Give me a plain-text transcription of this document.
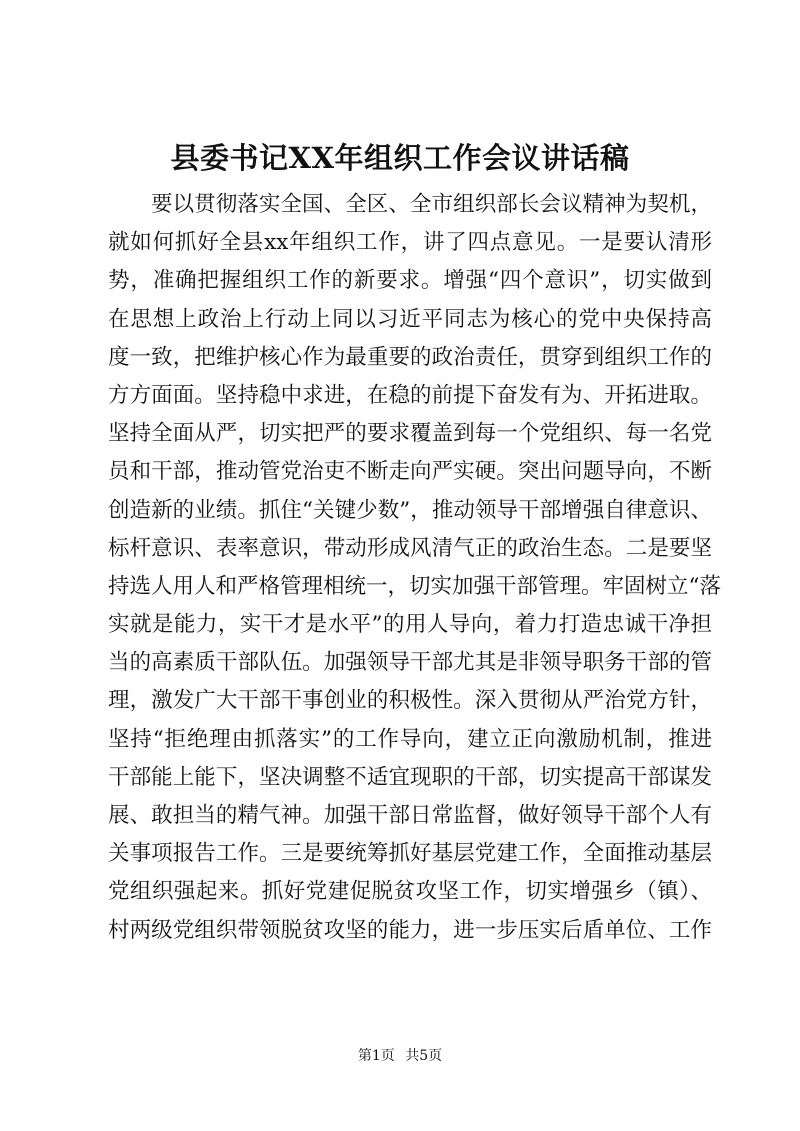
县委书记XX年组织工作会议讲话稿
要以贯彻落实全国、全区、全市组织部长会议精神为契机，
就如何抓好全县xx年组织工作，讲了四点意见。一是要认清形
势，准确把握组织工作的新要求。增强“四个意识”，切实做到
在思想上政治上行动上同以习近平同志为核心的党中央保持高
度一致，把维护核心作为最重要的政治责任，贯穿到组织工作的
方方面面。坚持稳中求进，在稳的前提下奋发有为、开拓进取。
坚持全面从严，切实把严的要求覆盖到每一个党组织、每一名党
员和干部，推动管党治吏不断走向严实硬。突出问题导向，不断
创造新的业绩。抓住“关键少数”，推动领导干部增强自律意识、
标杆意识、表率意识，带动形成风清气正的政治生态。二是要坚
持选人用人和严格管理相统一，切实加强干部管理。牢固树立“落
实就是能力，实干才是水平”的用人导向，着力打造忠诚干净担
当的高素质干部队伍。加强领导干部尤其是非领导职务干部的管
理，激发广大干部干事创业的积极性。深入贯彻从严治党方针，
坚持“拒绝理由抓落实”的工作导向，建立正向激励机制，推进
干部能上能下，坚决调整不适宜现职的干部，切实提高干部谋发
展、敢担当的精气神。加强干部日常监督，做好领导干部个人有
关事项报告工作。三是要统筹抓好基层党建工作，全面推动基层
党组织强起来。抓好党建促脱贫攻坚工作，切实增强乡（镇）、
村两级党组织带领脱贫攻坚的能力，进一步压实后盾单位、工作
第1页 共5页
